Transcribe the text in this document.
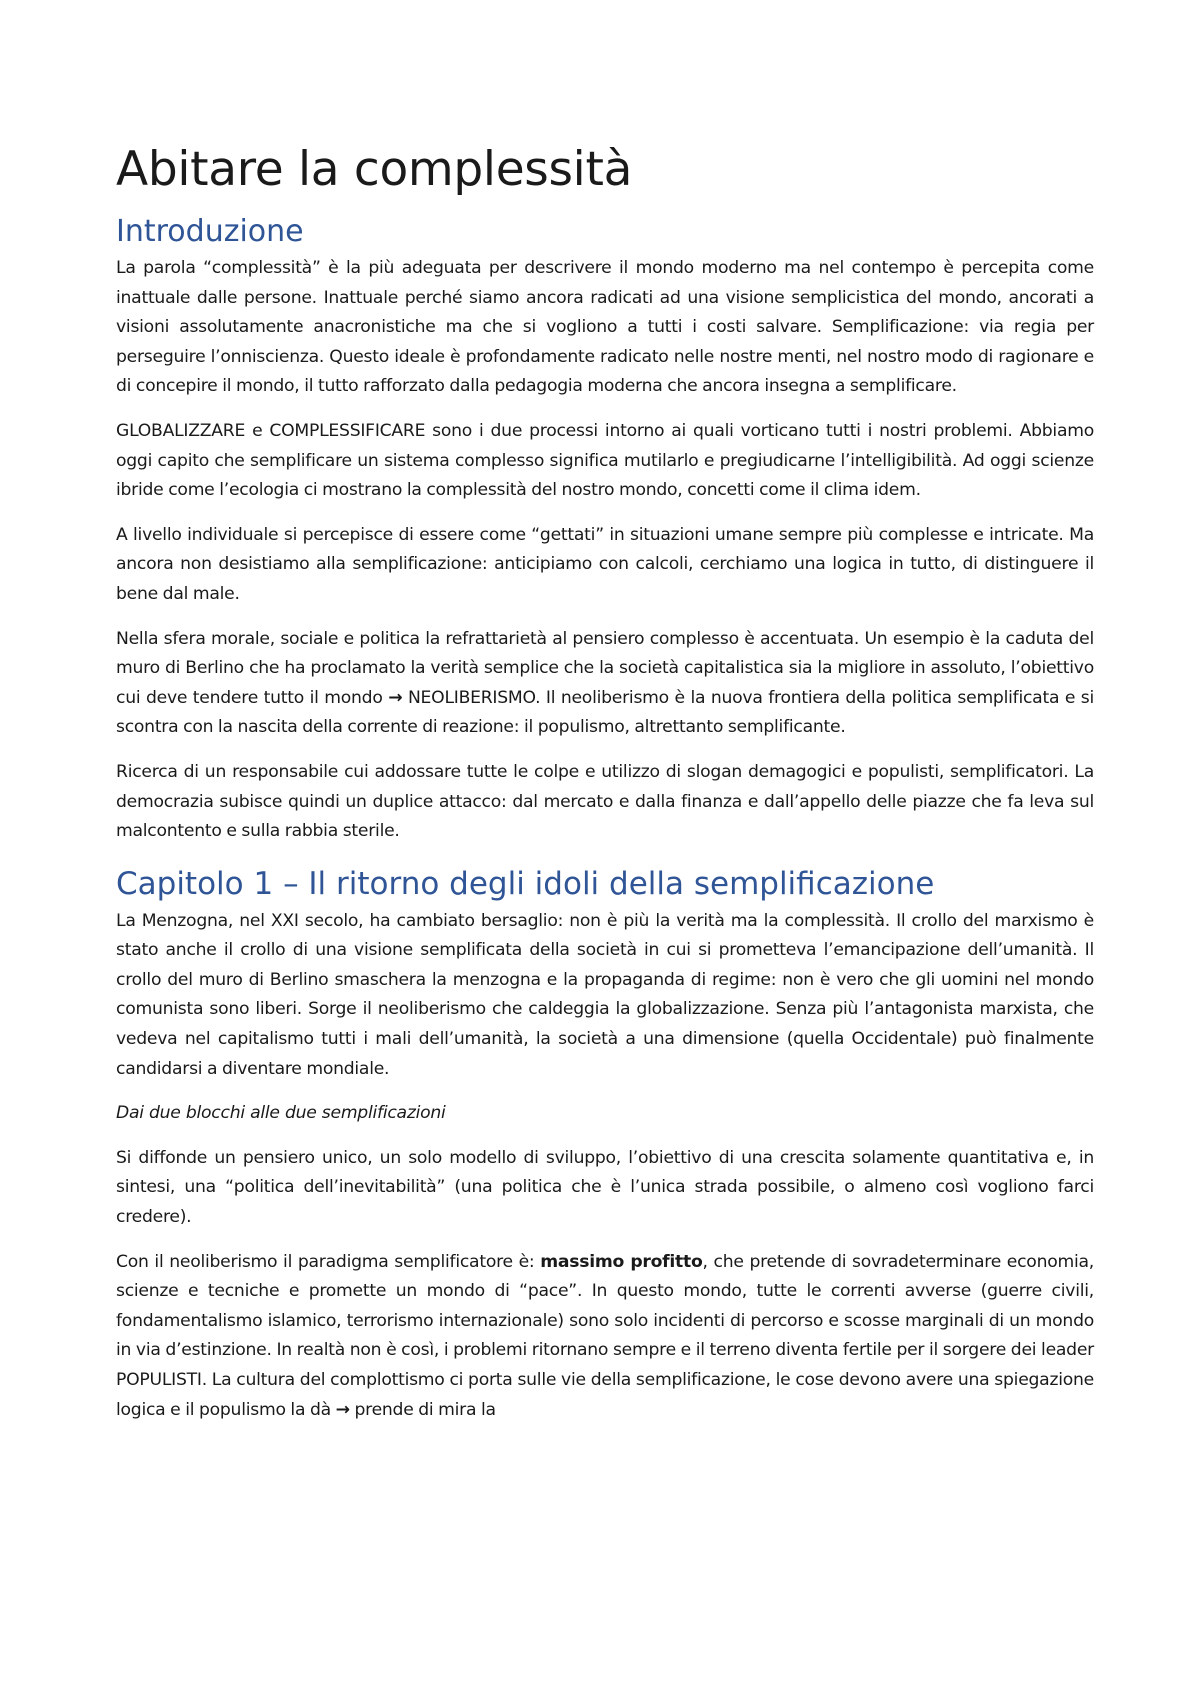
Abitare la complessità
Introduzione

La parola “complessità” è la più adeguata per descrivere il mondo moderno ma nel contempo è percepita come inattuale dalle persone. Inattuale perché siamo ancora radicati ad una visione semplicistica del mondo, ancorati a visioni assolutamente anacronistiche ma che si vogliono a tutti i costi salvare. Semplificazione: via regia per perseguire l’onniscienza. Questo ideale è profondamente radicato nelle nostre menti, nel nostro modo di ragionare e di concepire il mondo, il tutto rafforzato dalla pedagogia moderna che ancora insegna a semplificare.

GLOBALIZZARE e COMPLESSIFICARE sono i due processi intorno ai quali vorticano tutti i nostri problemi. Abbiamo oggi capito che semplificare un sistema complesso significa mutilarlo e pregiudicarne l’intelligibilità. Ad oggi scienze ibride come l’ecologia ci mostrano la complessità del nostro mondo, concetti come il clima idem.

A livello individuale si percepisce di essere come “gettati” in situazioni umane sempre più complesse e intricate. Ma ancora non desistiamo alla semplificazione: anticipiamo con calcoli, cerchiamo una logica in tutto, di distinguere il bene dal male.

Nella sfera morale, sociale e politica la refrattarietà al pensiero complesso è accentuata. Un esempio è la caduta del muro di Berlino che ha proclamato la verità semplice che la società capitalistica sia la migliore in assoluto, l’obiettivo cui deve tendere tutto il mondo → NEOLIBERISMO. Il neoliberismo è la nuova frontiera della politica semplificata e si scontra con la nascita della corrente di reazione: il populismo, altrettanto semplificante.

Ricerca di un responsabile cui addossare tutte le colpe e utilizzo di slogan demagogici e populisti, semplificatori. La democrazia subisce quindi un duplice attacco: dal mercato e dalla finanza e dall’appello delle piazze che fa leva sul malcontento e sulla rabbia sterile.

Capitolo 1 – Il ritorno degli idoli della semplificazione

La Menzogna, nel XXI secolo, ha cambiato bersaglio: non è più la verità ma la complessità. Il crollo del marxismo è stato anche il crollo di una visione semplificata della società in cui si prometteva l’emancipazione dell’umanità. Il crollo del muro di Berlino smaschera la menzogna e la propaganda di regime: non è vero che gli uomini nel mondo comunista sono liberi. Sorge il neoliberismo che caldeggia la globalizzazione. Senza più l’antagonista marxista, che vedeva nel capitalismo tutti i mali dell’umanità, la società a una dimensione (quella Occidentale) può finalmente candidarsi a diventare mondiale.

Dai due blocchi alle due semplificazioni

Si diffonde un pensiero unico, un solo modello di sviluppo, l’obiettivo di una crescita solamente quantitativa e, in sintesi, una “politica dell’inevitabilità” (una politica che è l’unica strada possibile, o almeno così vogliono farci credere).

Con il neoliberismo il paradigma semplificatore è: massimo profitto, che pretende di sovradeterminare economia, scienze e tecniche e promette un mondo di “pace”. In questo mondo, tutte le correnti avverse (guerre civili, fondamentalismo islamico, terrorismo internazionale) sono solo incidenti di percorso e scosse marginali di un mondo in via d’estinzione. In realtà non è così, i problemi ritornano sempre e il terreno diventa fertile per il sorgere dei leader POPULISTI. La cultura del complottismo ci porta sulle vie della semplificazione, le cose devono avere una spiegazione logica e il populismo la dà → prende di mira la
